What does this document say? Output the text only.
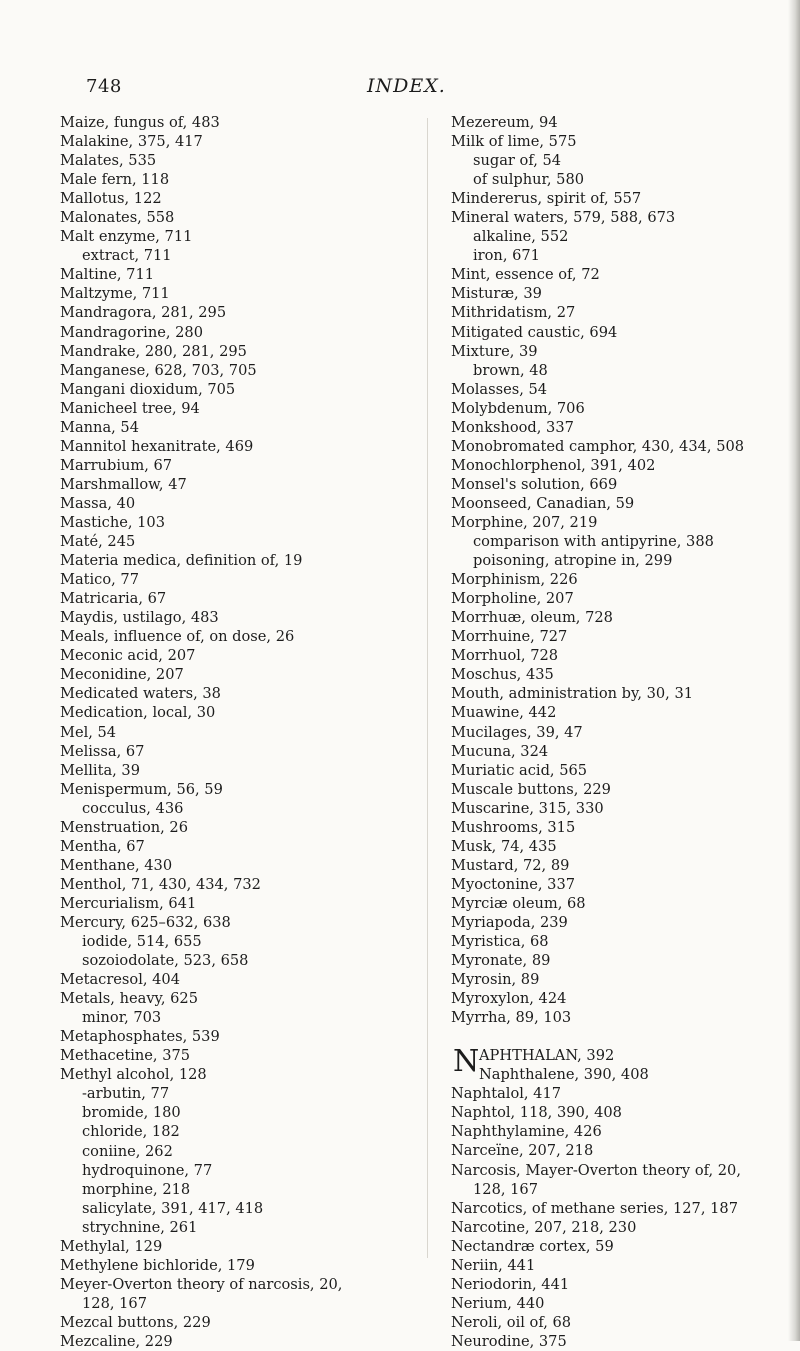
748	INDEX.
Maize, fungus of, 483
Malakine, 375, 417
Malates, 535
Male fern, 118
Mallotus, 122
Malonates, 558
Malt enzyme, 711
extract, 711
Maltine, 711
Maltzyme, 711
Mandragora, 281, 295
Mandragorine, 280
Mandrake, 280, 281, 295
Manganese, 628, 703, 705
Mangani dioxidum, 705
Manicheel tree, 94
Manna, 54
Mannitol hexanitrate, 469
Marrubium, 67
Marshmallow, 47
Massa, 40
Mastiche, 103
Maté, 245
Materia medica, definition of, 19
Matico, 77
Matricaria, 67
Maydis, ustilago, 483
Meals, influence of, on dose, 26
Meconic acid, 207
Meconidine, 207
Medicated waters, 38
Medication, local, 30
Mel, 54
Melissa, 67
Mellita, 39
Menispermum, 56, 59
cocculus, 436
Menstruation, 26
Mentha, 67
Menthane, 430
Menthol, 71, 430, 434, 732
Mercurialism, 641
Mercury, 625–632, 638
iodide, 514, 655
sozoiodolate, 523, 658
Metacresol, 404
Metals, heavy, 625
minor, 703
Metaphosphates, 539
Methacetine, 375
Methyl alcohol, 128
-arbutin, 77
bromide, 180
chloride, 182
coniine, 262
hydroquinone, 77
morphine, 218
salicylate, 391, 417, 418
strychnine, 261
Methylal, 129
Methylene bichloride, 179
Meyer-Overton theory of narcosis, 20,
128, 167
Mezcal buttons, 229
Mezcaline, 229
Mezereum, 94
Milk of lime, 575
sugar of, 54
of sulphur, 580
Mindererus, spirit of, 557
Mineral waters, 579, 588, 673
alkaline, 552
iron, 671
Mint, essence of, 72
Misturæ, 39
Mithridatism, 27
Mitigated caustic, 694
Mixture, 39
brown, 48
Molasses, 54
Molybdenum, 706
Monkshood, 337
Monobromated camphor, 430, 434, 508
Monochlorphenol, 391, 402
Monsel's solution, 669
Moonseed, Canadian, 59
Morphine, 207, 219
comparison with antipyrine, 388
poisoning, atropine in, 299
Morphinism, 226
Morpholine, 207
Morrhuæ, oleum, 728
Morrhuine, 727
Morrhuol, 728
Moschus, 435
Mouth, administration by, 30, 31
Muawine, 442
Mucilages, 39, 47
Mucuna, 324
Muriatic acid, 565
Muscale buttons, 229
Muscarine, 315, 330
Mushrooms, 315
Musk, 74, 435
Mustard, 72, 89
Myoctonine, 337
Myrciæ oleum, 68
Myriapoda, 239
Myristica, 68
Myronate, 89
Myrosin, 89
Myroxylon, 424
Myrrha, 89, 103
N APHTHALAN, 392
Naphthalene, 390, 408
Naphtalol, 417
Naphtol, 118, 390, 408
Naphthylamine, 426
Narceïne, 207, 218
Narcosis, Mayer-Overton theory of, 20,
128, 167
Narcotics, of methane series, 127, 187
Narcotine, 207, 218, 230
Nectandræ cortex, 59
Neriin, 441
Neriodorin, 441
Nerium, 440
Neroli, oil of, 68
Neurodine, 375
